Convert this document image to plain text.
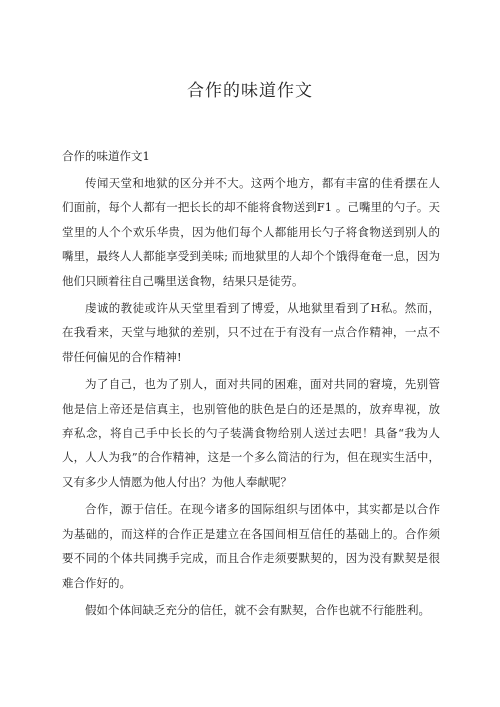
合作的味道作文
合作的味道作文1

传闻天堂和地狱的区分并不大。这两个地方，都有丰富的佳肴摆在人们面前，每个人都有一把长长的却不能将食物送到F1 。己嘴里的勺子。天堂里的人个个欢乐华贵，因为他们每个人都能用长勺子将食物送到别人的嘴里，最终人人都能享受到美味; 而地狱里的人却个个饿得奄奄一息，因为他们只顾着往自己嘴里送食物，结果只是徒劳。

虔诚的教徒或许从天堂里看到了博爱，从地狱里看到了H私。然而，在我看来，天堂与地狱的差别，只不过在于有没有一点合作精神，一点不带任何偏见的合作精神!

为了自己，也为了别人，面对共同的困难，面对共同的窘境，先别管他是信上帝还是信真主，也别管他的肤色是白的还是黑的，放弃卑视，放弃私念，将自己手中长长的勺子装满食物给别人送过去吧！具备“我为人人，人人为我”的合作精神，这是一个多么简洁的行为，但在现实生活中，又有多少人情愿为他人付出？为他人奉献呢？

合作，源于信任。在现今诸多的国际组织与团体中，其实都是以合作为基础的，而这样的合作正是建立在各国间相互信任的基础上的。合作须要不同的个体共同携手完成，而且合作走须要默契的，因为没有默契是很难合作好的。

假如个体间缺乏充分的信任，就不会有默契，合作也就不行能胜利。
